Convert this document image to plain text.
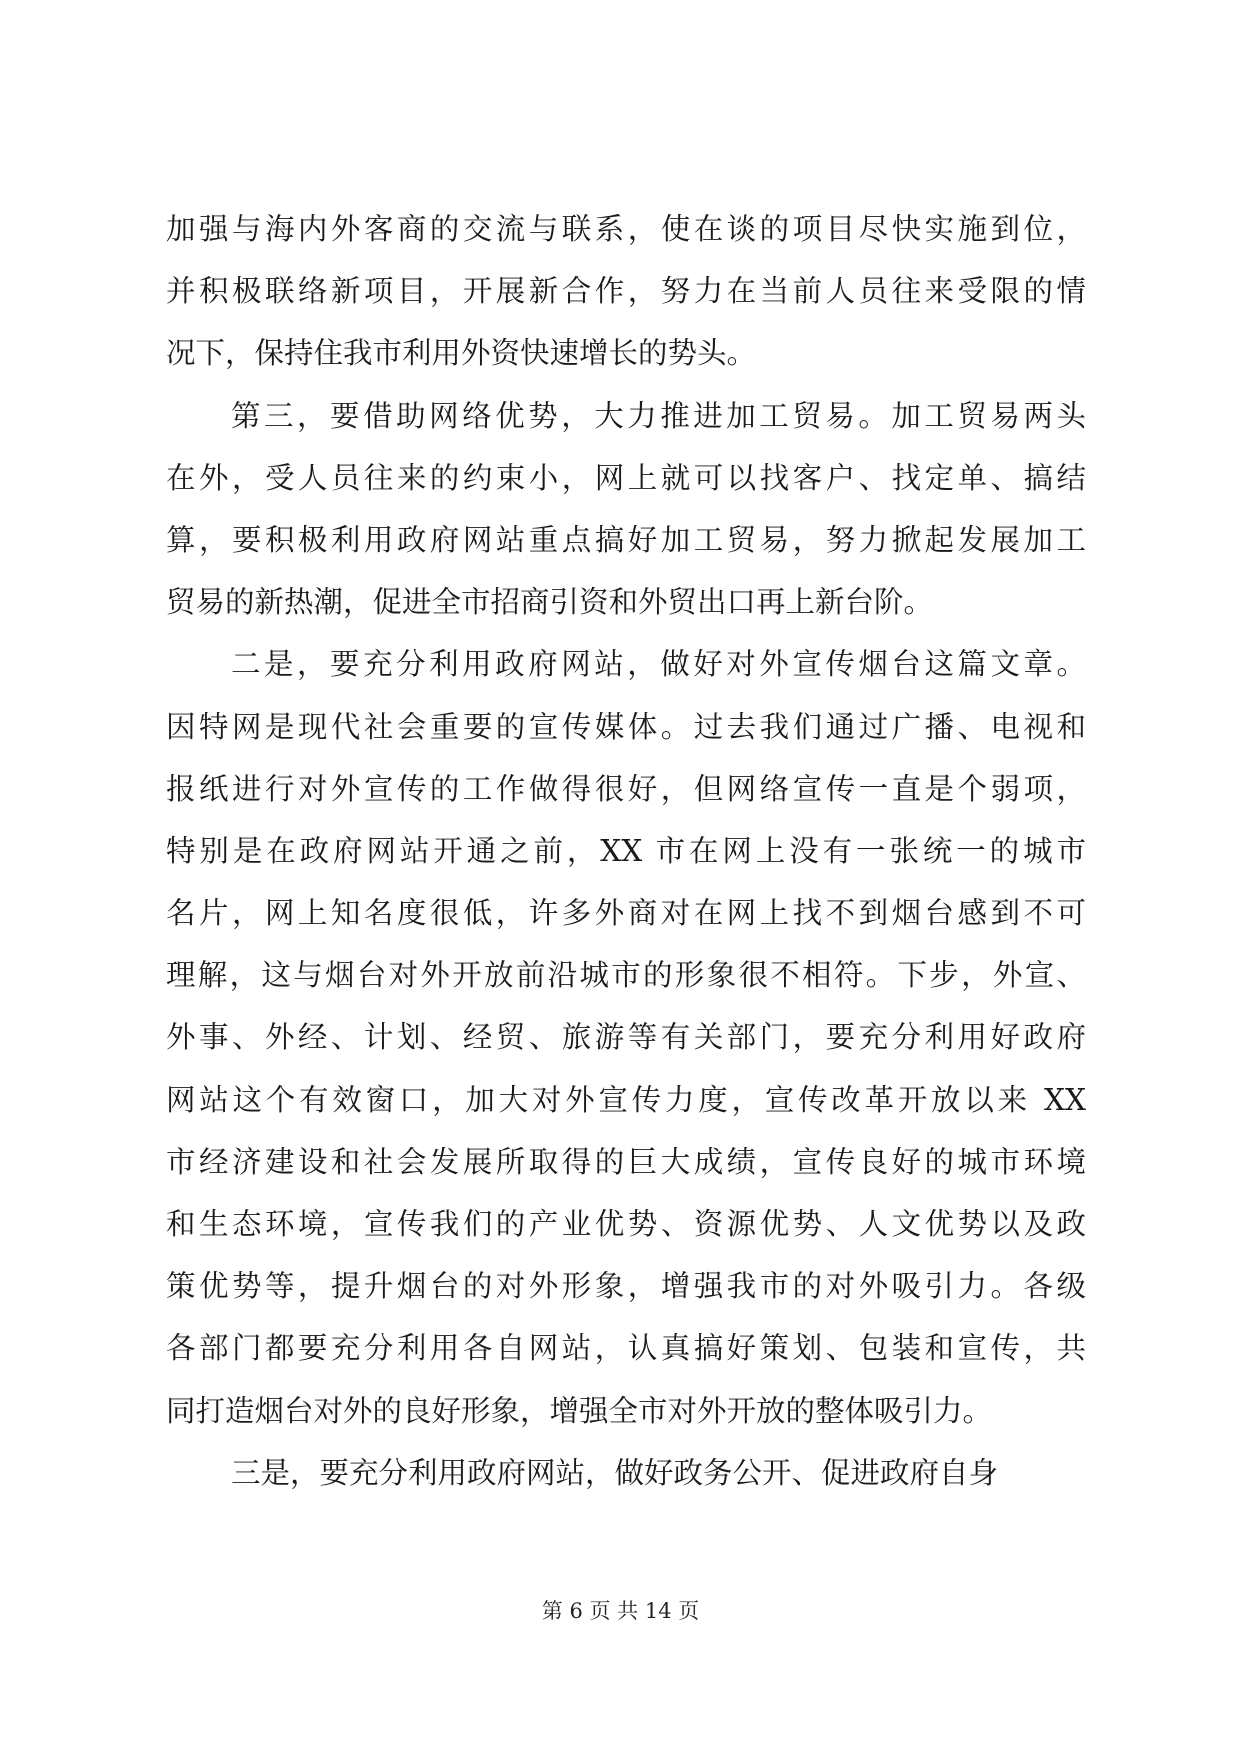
加强与海内外客商的交流与联系，使在谈的项目尽快实施到位，
并积极联络新项目，开展新合作，努力在当前人员往来受限的情
况下，保持住我市利用外资快速增长的势头。
第三，要借助网络优势，大力推进加工贸易。加工贸易两头
在外，受人员往来的约束小，网上就可以找客户、找定单、搞结
算，要积极利用政府网站重点搞好加工贸易，努力掀起发展加工
贸易的新热潮，促进全市招商引资和外贸出口再上新台阶。
二是，要充分利用政府网站，做好对外宣传烟台这篇文章。
因特网是现代社会重要的宣传媒体。过去我们通过广播、电视和
报纸进行对外宣传的工作做得很好，但网络宣传一直是个弱项，
特别是在政府网站开通之前，XX 市在网上没有一张统一的城市
名片，网上知名度很低，许多外商对在网上找不到烟台感到不可
理解，这与烟台对外开放前沿城市的形象很不相符。下步，外宣、
外事、外经、计划、经贸、旅游等有关部门，要充分利用好政府
网站这个有效窗口，加大对外宣传力度，宣传改革开放以来 XX
市经济建设和社会发展所取得的巨大成绩，宣传良好的城市环境
和生态环境，宣传我们的产业优势、资源优势、人文优势以及政
策优势等，提升烟台的对外形象，增强我市的对外吸引力。各级
各部门都要充分利用各自网站，认真搞好策划、包装和宣传，共
同打造烟台对外的良好形象，增强全市对外开放的整体吸引力。
三是，要充分利用政府网站，做好政务公开、促进政府自身
第 6 页 共 14 页
